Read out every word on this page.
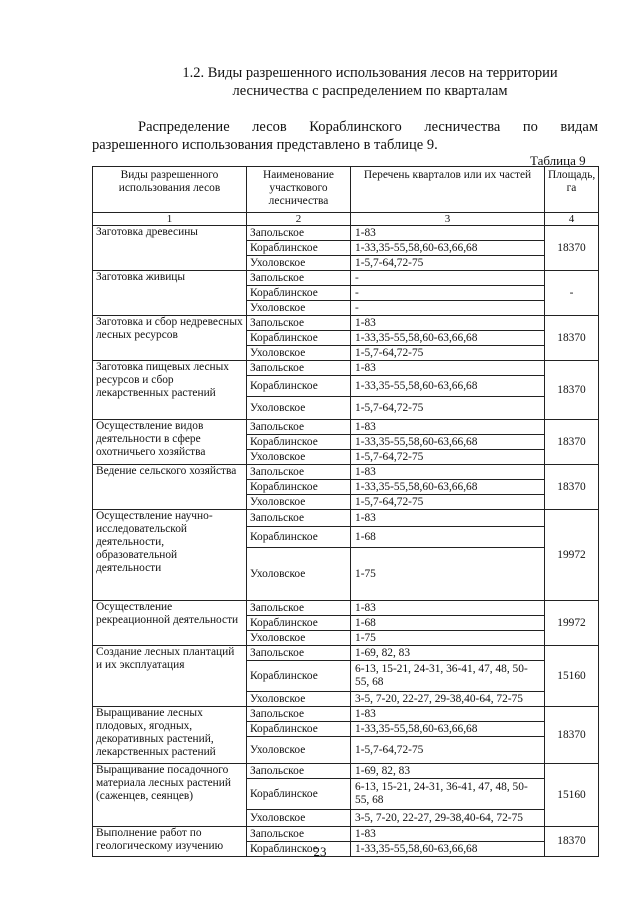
1.2. Виды разрешенного использования лесов на территории лесничества с распределением по кварталам
Распределение лесов Кораблинского лесничества по видам
разрешенного использования представлено в таблице 9.
Таблица 9
Виды разрешенного использования лесов	Наименование участкового лесничества	Перечень кварталов или их частей	Площадь, га
1	2	3	4
Заготовка древесины	Запольское	1-83	18370
	Кораблинское	1-33,35-55,58,60-63,66,68	
	Ухоловское	1-5,7-64,72-75	
Заготовка живицы	Запольское	-	-
	Кораблинское	-	
	Ухоловское	-	
Заготовка и сбор недревесных лесных ресурсов	Запольское	1-83	18370
	Кораблинское	1-33,35-55,58,60-63,66,68	
	Ухоловское	1-5,7-64,72-75	
Заготовка пищевых лесных ресурсов и сбор лекарственных растений	Запольское	1-83	18370
	Кораблинское	1-33,35-55,58,60-63,66,68	
	Ухоловское	1-5,7-64,72-75	
Осуществление видов деятельности в сфере охотничьего хозяйства	Запольское	1-83	18370
	Кораблинское	1-33,35-55,58,60-63,66,68	
	Ухоловское	1-5,7-64,72-75	
Ведение сельского хозяйства	Запольское	1-83	18370
	Кораблинское	1-33,35-55,58,60-63,66,68	
	Ухоловское	1-5,7-64,72-75	
Осуществление научно-исследовательской деятельности, образовательной деятельности	Запольское	1-83	19972
	Кораблинское	1-68	
	Ухоловское	1-75	
Осуществление рекреационной деятельности	Запольское	1-83	19972
	Кораблинское	1-68	
	Ухоловское	1-75	
Создание лесных плантаций и их эксплуатация	Запольское	1-69, 82, 83	15160
	Кораблинское	6-13, 15-21, 24-31, 36-41, 47, 48, 50-55, 68	
	Ухоловское	3-5, 7-20, 22-27, 29-38,40-64, 72-75	
Выращивание лесных плодовых, ягодных, декоративных растений, лекарственных растений	Запольское	1-83	18370
	Кораблинское	1-33,35-55,58,60-63,66,68	
	Ухоловское	1-5,7-64,72-75	
Выращивание посадочного материала лесных растений (саженцев, сеянцев)	Запольское	1-69, 82, 83	15160
	Кораблинское	6-13, 15-21, 24-31, 36-41, 47, 48, 50-55, 68	
	Ухоловское	3-5, 7-20, 22-27, 29-38,40-64, 72-75	
Выполнение работ по геологическому изучению	Запольское	1-83	18370
	Кораблинское	1-33,35-55,58,60-63,66,68	
23
